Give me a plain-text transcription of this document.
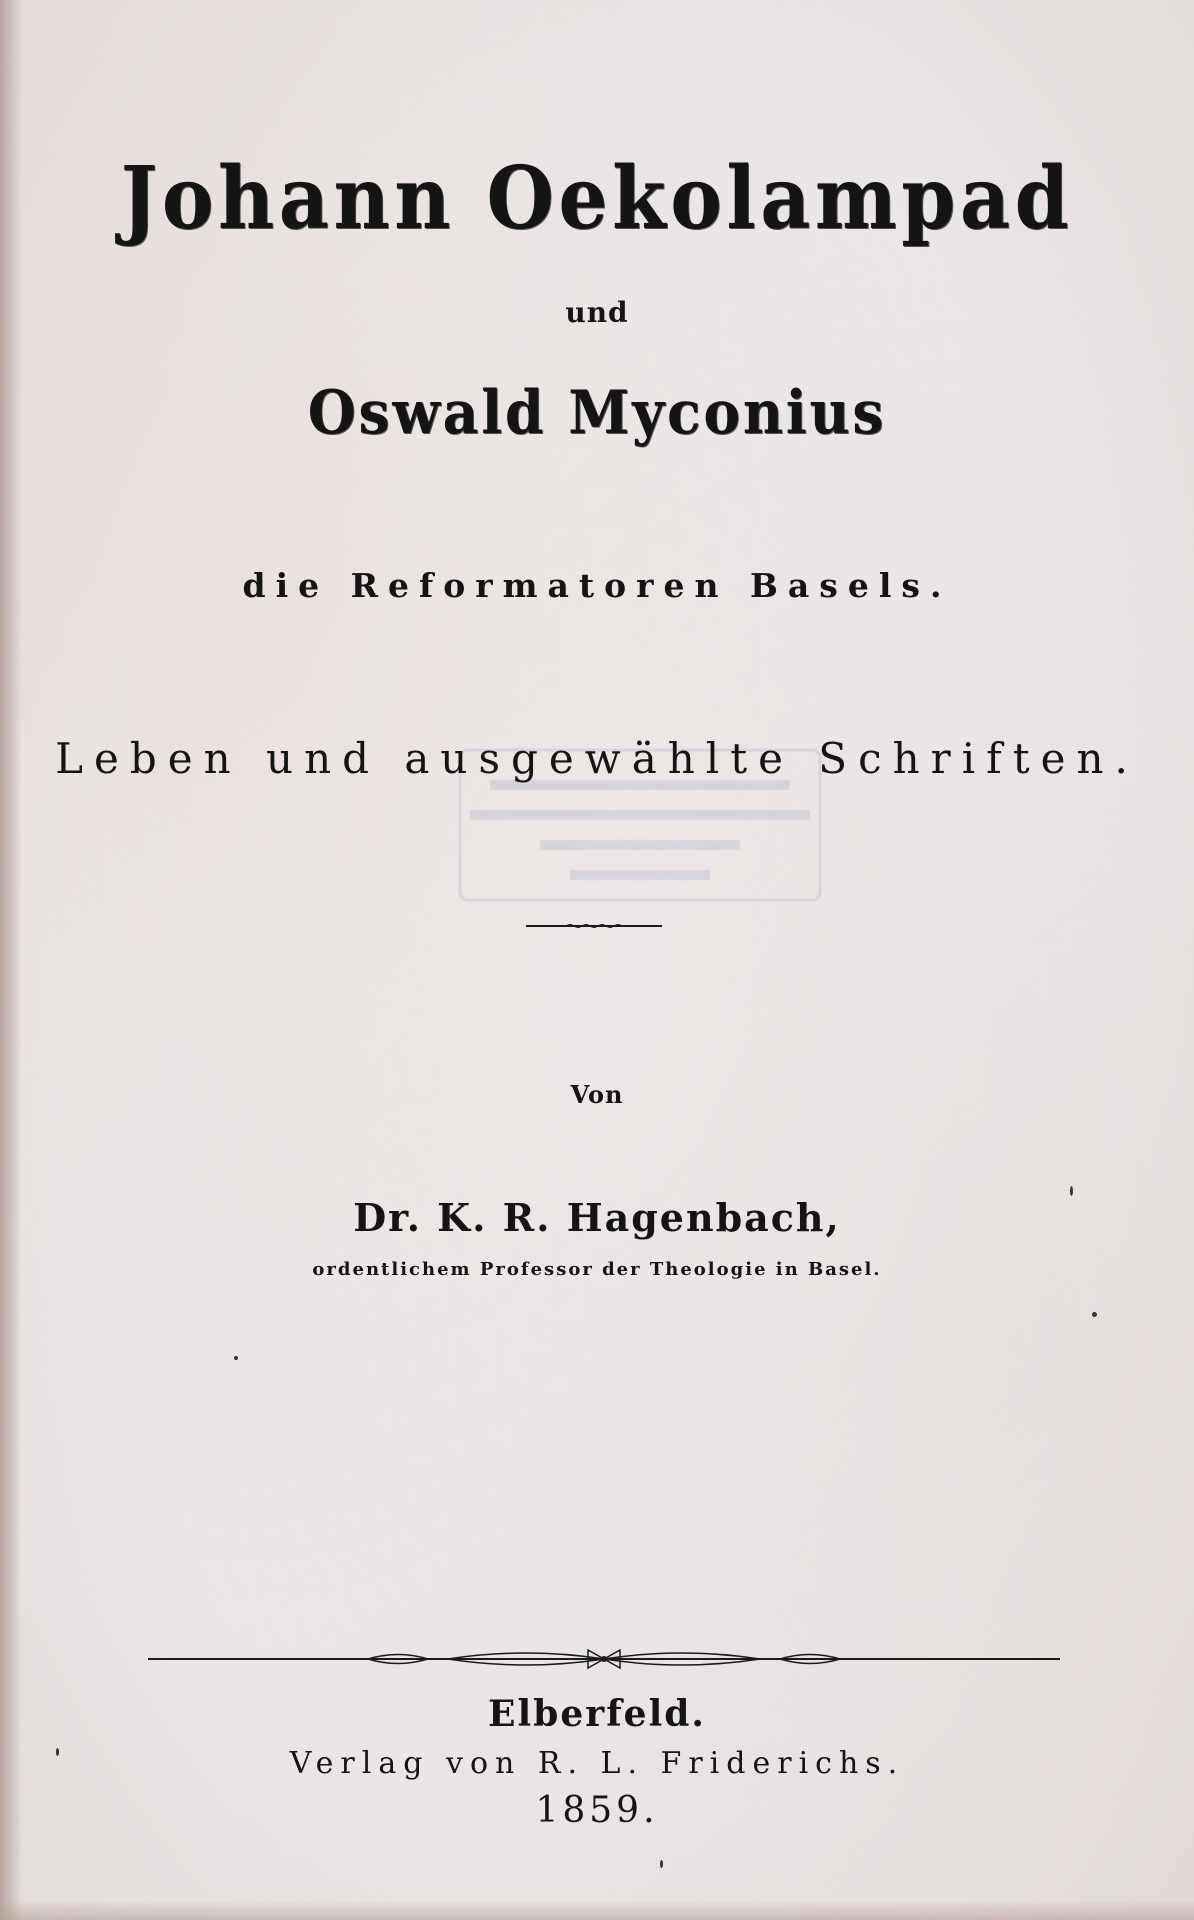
Johann Oekolampad
und
Oswald Myconius
die Reformatoren Basels.
Leben und ausgewählte Schriften.
Von
Dr. K. R. Hagenbach,
ordentlichem Professor der Theologie in Basel.
Elberfeld.
Verlag von R. L. Friderichs.
1859.
